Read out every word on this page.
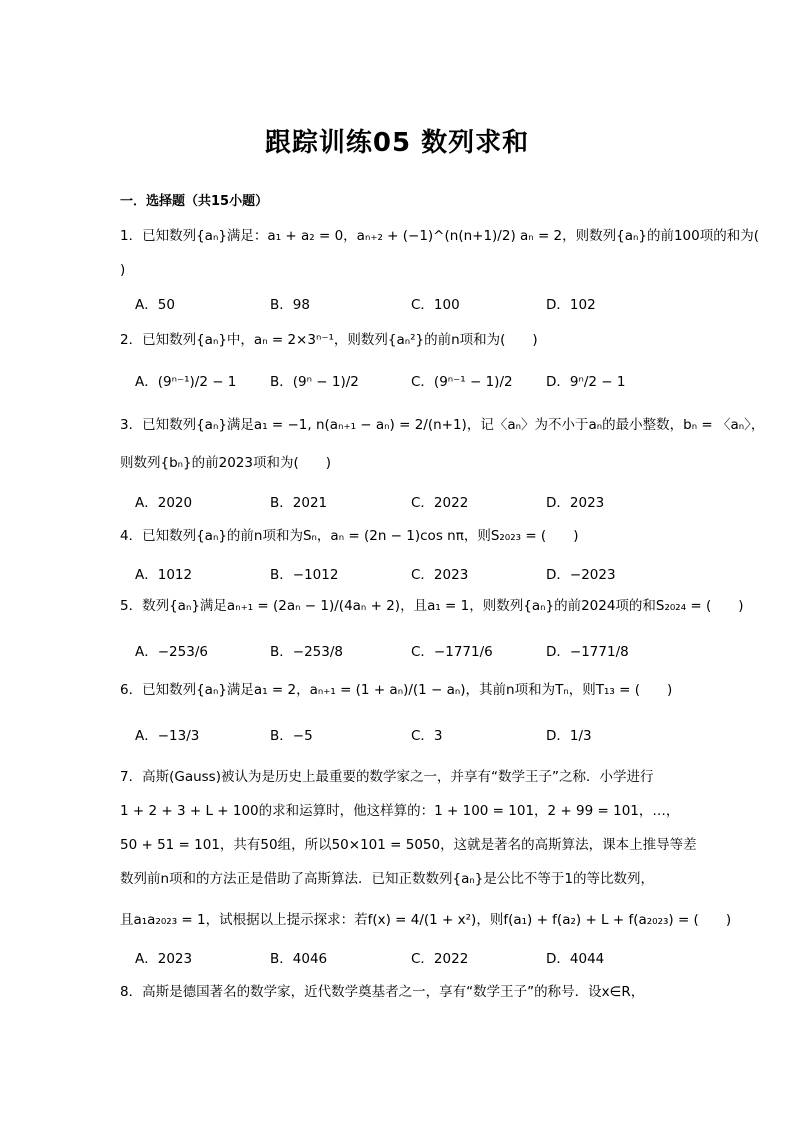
跟踪训练05 数列求和
一．选择题（共15小题）
1．已知数列{aₙ}满足：a₁ + a₂ = 0，aₙ₊₂ + (−1)^(n(n+1)/2) aₙ = 2，则数列{aₙ}的前100项的和为(
)
A．50	B．98	C．100	D．102
2．已知数列{aₙ}中，aₙ = 2×3ⁿ⁻¹，则数列{aₙ²}的前n项和为(　　)
A．(9ⁿ⁻¹)/2 − 1 B．(9ⁿ − 1)/2	C．(9ⁿ⁻¹ − 1)/2 D．9ⁿ/2 − 1
3．已知数列{aₙ}满足a₁ = −1, n(aₙ₊₁ − aₙ) = 2/(n+1)，记〈aₙ〉为不小于aₙ的最小整数，bₙ = 〈aₙ〉，
则数列{bₙ}的前2023项和为(　　)
A．2020	B．2021	C．2022	D．2023
4．已知数列{aₙ}的前n项和为Sₙ，aₙ = (2n − 1)cos nπ，则S₂₀₂₃ = (　　)
A．1012	B．−1012	C．2023	D．−2023
5．数列{aₙ}满足aₙ₊₁ = (2aₙ − 1)/(4aₙ + 2)，且a₁ = 1，则数列{aₙ}的前2024项的和S₂₀₂₄ = (　　)
A．−253/6	B．−253/8	C．−1771/6	D．−1771/8
6．已知数列{aₙ}满足a₁ = 2，aₙ₊₁ = (1 + aₙ)/(1 − aₙ)，其前n项和为Tₙ，则T₁₃ = (　　)
A．−13/3	B．−5	C．3	D．1/3
7．高斯(Gauss)被认为是历史上最重要的数学家之一，并享有“数学王子”之称．小学进行
1 + 2 + 3 + L + 100的求和运算时，他这样算的：1 + 100 = 101，2 + 99 = 101，…，
50 + 51 = 101，共有50组，所以50×101 = 5050，这就是著名的高斯算法，课本上推导等差
数列前n项和的方法正是借助了高斯算法．已知正数数列{aₙ}是公比不等于1的等比数列，
且a₁a₂₀₂₃ = 1，试根据以上提示探求：若f(x) = 4/(1 + x²)，则f(a₁) + f(a₂) + L + f(a₂₀₂₃) = (　　)
A．2023	B．4046	C．2022	D．4044
8．高斯是德国著名的数学家，近代数学奠基者之一，享有“数学王子”的称号．设x∈R，
